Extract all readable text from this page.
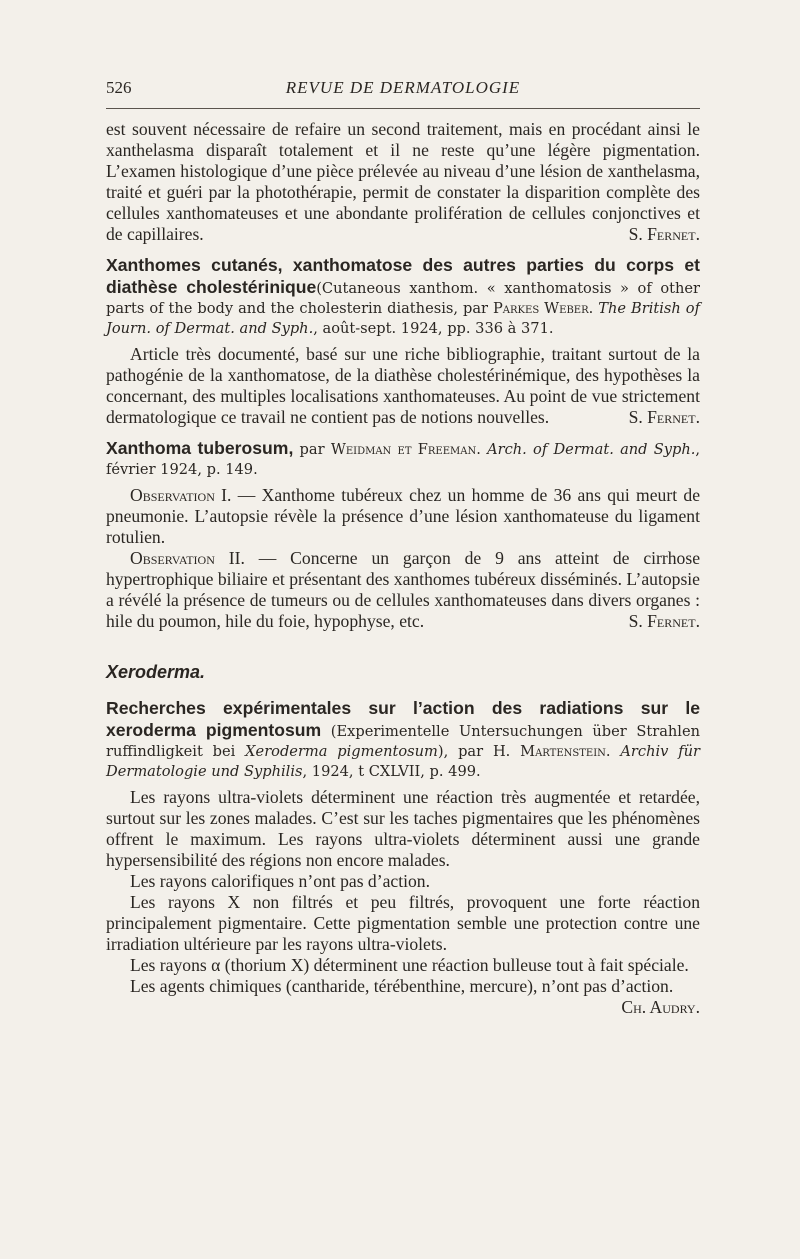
526	REVUE DE DERMATOLOGIE

est souvent nécessaire de refaire un second traitement, mais en procédant ainsi le xanthelasma disparaît totalement et il ne reste qu’une légère pigmentation. L’examen histologique d’une pièce prélevée au niveau d’une lésion de xanthelasma, traité et guéri par la photothérapie, permit de constater la disparition complète des cellules xanthomateuses et une abondante prolifération de cellules conjonctives et de capillaires.	S. Fernet.

Xanthomes cutanés, xanthomatose des autres parties du corps et diathèse cholestérinique(Cutaneous xanthom. « xanthomatosis » of other parts of the body and the cholesterin diathesis, par Parkes Weber. The British of Journ. of Dermat. and Syph., août-sept. 1924, pp. 336 à 371.

Article très documenté, basé sur une riche bibliographie, traitant surtout de la pathogénie de la xanthomatose, de la diathèse cholestérinémique, des hypothèses la concernant, des multiples localisations xanthomateuses. Au point de vue strictement dermatologique ce travail ne contient pas de notions nouvelles.	S. Fernet.

Xanthoma tuberosum, par Weidman et Freeman. Arch. of Dermat. and Syph., février 1924, p. 149.

Observation I. — Xanthome tubéreux chez un homme de 36 ans qui meurt de pneumonie. L’autopsie révèle la présence d’une lésion xanthomateuse du ligament rotulien.

Observation II. — Concerne un garçon de 9 ans atteint de cirrhose hypertrophique biliaire et présentant des xanthomes tubéreux disséminés. L’autopsie a révélé la présence de tumeurs ou de cellules xanthomateuses dans divers organes : hile du poumon, hile du foie, hypophyse, etc.	S. Fernet.

Xeroderma.

Recherches expérimentales sur l’action des radiations sur le xeroderma pigmentosum (Experimentelle Untersuchungen über Strahlen ruffindligkeit bei Xeroderma pigmentosum), par H. Martenstein. Archiv für Dermatologie und Syphilis, 1924, t CXLVII, p. 499.

Les rayons ultra-violets déterminent une réaction très augmentée et retardée, surtout sur les zones malades. C’est sur les taches pigmentaires que les phénomènes offrent le maximum. Les rayons ultra-violets déterminent aussi une grande hypersensibilité des régions non encore malades.

Les rayons calorifiques n’ont pas d’action.

Les rayons X non filtrés et peu filtrés, provoquent une forte réaction principalement pigmentaire. Cette pigmentation semble une protection contre une irradiation ultérieure par les rayons ultra-violets.

Les rayons α (thorium X) déterminent une réaction bulleuse tout à fait spéciale.

Les agents chimiques (cantharide, térébenthine, mercure), n’ont pas d’action.
Ch. Audry.
